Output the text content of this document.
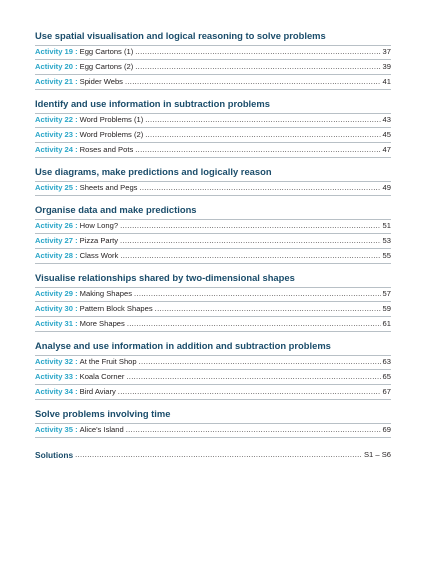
Use spatial visualisation and logical reasoning to solve problems
Activity 19 : Egg Cartons (1) .....	37
Activity 20 : Egg Cartons (2) .....	39
Activity 21 : Spider Webs .....	41
Identify and use information in subtraction problems
Activity 22 : Word Problems (1) .....	43
Activity 23 : Word Problems (2) .....	45
Activity 24 : Roses and Pots .....	47
Use diagrams, make predictions and logically reason
Activity 25 : Sheets and Pegs .....	49
Organise data and make predictions
Activity 26 : How Long? .....	51
Activity 27 : Pizza Party .....	53
Activity 28 : Class Work .....	55
Visualise relationships shared by two-dimensional shapes
Activity 29 : Making Shapes .....	57
Activity 30 : Pattern Block Shapes .....	59
Activity 31 : More Shapes .....	61
Analyse and use information in addition and subtraction problems
Activity 32 : At the Fruit Shop .....	63
Activity 33 : Koala Corner .....	65
Activity 34 : Bird Aviary .....	67
Solve problems involving time
Activity 35 : Alice's Island .....	69
Solutions .....	S1 – S6
